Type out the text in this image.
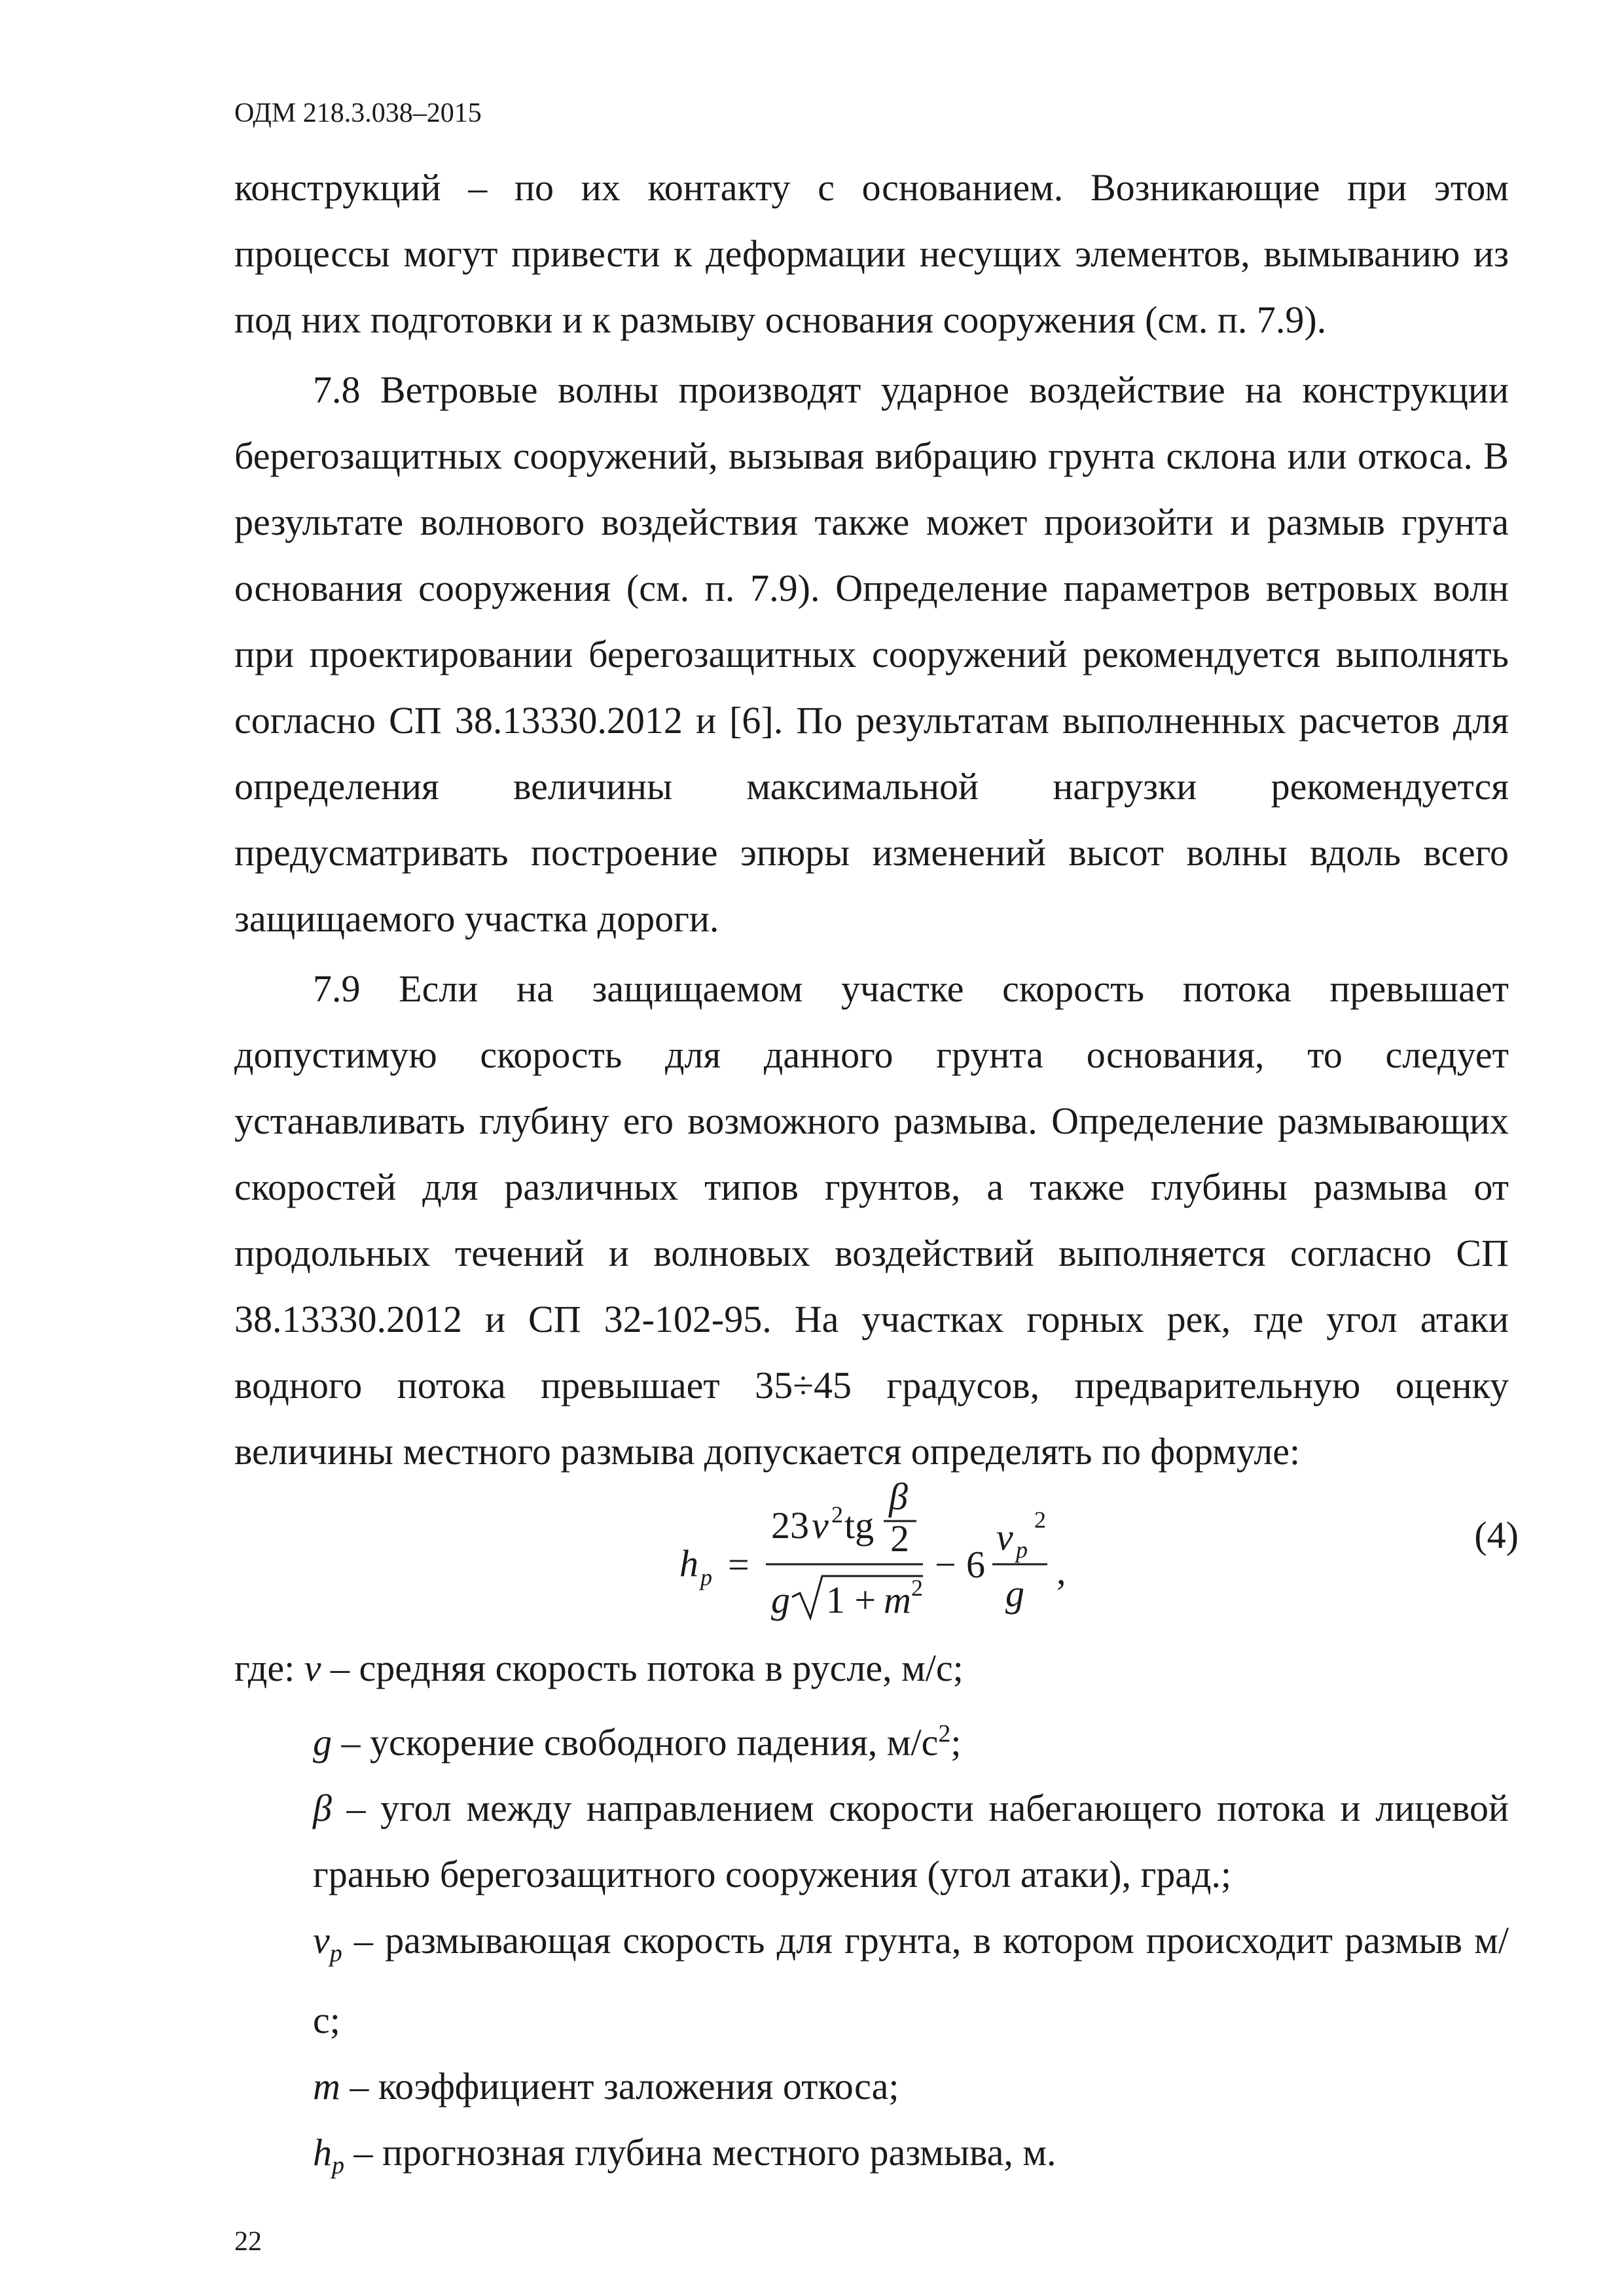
ОДМ 218.3.038–2015

конструкций – по их контакту с основанием. Возникающие при этом процессы могут привести к деформации несущих элементов, вымыванию из под них подготовки и к размыву основания сооружения (см. п. 7.9).

7.8 Ветровые волны производят ударное воздействие на конструкции берегозащитных сооружений, вызывая вибрацию грунта склона или откоса. В результате волнового воздействия также может произойти и размыв грунта основания сооружения (см. п. 7.9). Определение параметров ветровых волн при проектировании берегозащитных сооружений рекомендуется выполнять согласно СП 38.13330.2012 и [6]. По результатам выполненных расчетов для определения величины максимальной нагрузки рекомендуется предусматривать построение эпюры изменений высот волны вдоль всего защищаемого участка дороги.

7.9 Если на защищаемом участке скорость потока превышает допустимую скорость для данного грунта основания, то следует устанавливать глубину его возможного размыва. Определение размывающих скоростей для различных типов грунтов, а также глубины размыва от продольных течений и волновых воздействий выполняется согласно СП 38.13330.2012 и СП 32-102-95. На участках горных рек, где угол атаки водного потока превышает 35÷45 градусов, предварительную оценку величины местного размыва допускается определять по формуле:

h p =
23 v 2 tg
β
2
g 1 + m 2
− 6
v p
2
g
,
(4)

где: v – средняя скорость потока в русле, м/с;

g – ускорение свободного падения, $м/с^2$;

β – угол между направлением скорости набегающего потока и лицевой гранью берегозащитного сооружения (угол атаки), град.;

$v_p$ – размывающая скорость для грунта, в котором происходит размыв м/с;

m – коэффициент заложения откоса;

$h_p$ – прогнозная глубина местного размыва, м.

22
